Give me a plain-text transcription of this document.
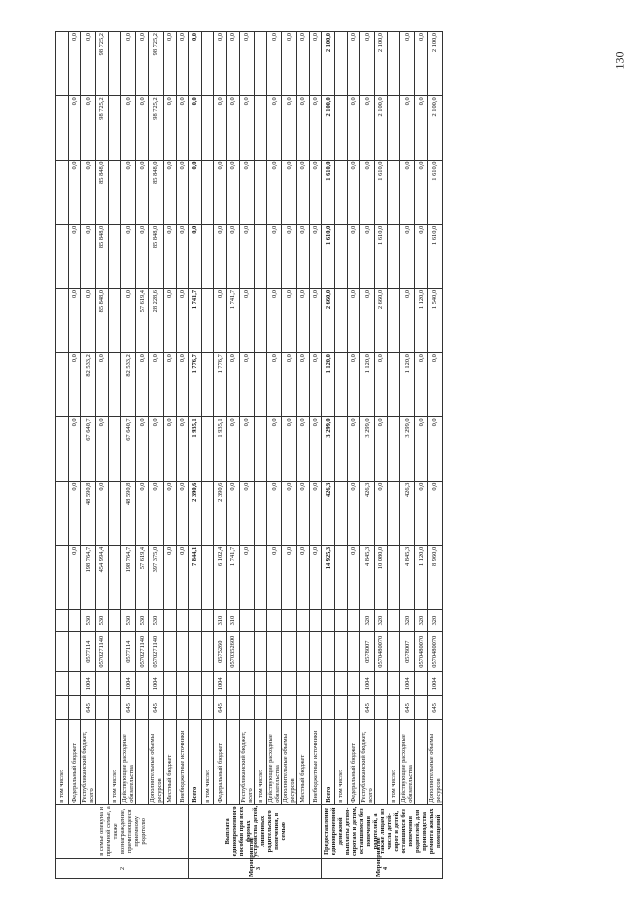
130
2	в семье опекуна и приемной семье, а также вознаграждение, причитающееся приемному родителю	в том числе:													
		Федеральный бюджет					0,0	0,0	0,0	0,0	0,0	0,0	0,0	0,0	0,0
		Республиканский бюджет, всего	645	1004	0577114	530	198 764,7	48 590,8	67 640,7	82 533,2	0,0	0,0	0,0	0,0	0,0
					0570271140	530	454 994,4	0,0	0,0	0,0	85 848,0	85 848,0	85 848,0	98 725,2	98 725,2
		в том числе:													
		Действующие расходные обязательства	645	1004	0577114	530	198 764,7	48 590,8	67 640,7	82 533,2	0,0	0,0	0,0	0,0	0,0
					0570271140	530	57 619,4	0,0	0,0	0,0	57 619,4	0,0	0,0	0,0	0,0
		Дополнительные объемы ресурсов	645	1004	0570271140	530	397 375,0	0,0	0,0	0,0	28 228,6	85 848,0	85 848,0	98 725,2	98 725,2
		Местный бюджет					0,0	0,0	0,0	0,0	0,0	0,0	0,0	0,0	0,0
		Внебюджетные источники					0,0	0,0	0,0	0,0	0,0	0,0	0,0	0,0	0,0
Мероприятие 3	Выплата единовременного пособия при всех формах устройства детей, лишенных родительского попечения, в семью	Всего					7 844,1	2 390,6	1 935,1	1 776,7	1 741,7	0,0	0,0	0,0	0,0
		в том числе:													
		Федеральный бюджет	645	1004	0575260	310	6 102,4	2 390,6	1 935,1	1 776,7	0,0	0,0	0,0	0,0	0,0
					0570352600	310	1 741,7	0,0	0,0	0,0	1 741,7	0,0	0,0	0,0	0,0
		Республиканский бюджет, всего					0,0	0,0	0,0	0,0	0,0	0,0	0,0	0,0	0,0
		в том числе:													
		Действующие расходные обязательства					0,0	0,0	0,0	0,0	0,0	0,0	0,0	0,0	0,0
		Дополнительные объемы ресурсов					0,0	0,0	0,0	0,0	0,0	0,0	0,0	0,0	0,0
		Местный бюджет					0,0	0,0	0,0	0,0	0,0	0,0	0,0	0,0	0,0
		Внебюджетные источники					0,0	0,0	0,0	0,0	0,0	0,0	0,0	0,0	0,0
Мероприятие 4	Предоставление единовременной денежной выплаты детям-сиротам и детям, оставшимся без попечения родителей, а также лицам из числа детей-сирот и детей, оставшихся без попечения родителей, для производства ремонта жилых помещений	Всего					14 925,3	426,3	3 299,0	1 120,0	2 660,0	1 610,0	1 610,0	2 100,0	2 100,0
		в том числе:													
		Федеральный бюджет					0,0	0,0	0,0	0,0	0,0	0,0	0,0	0,0	0,0
		Республиканский бюджет, всего	645	1004	0578007	320	4 845,3	426,3	3 299,0	1 120,0	0,0	0,0	0,0	0,0	0,0
					0570480070	320	10 080,0	0,0	0,0	0,0	2 660,0	1 610,0	1 610,0	2 100,0	2 100,0
		в том числе:													
		Действующие расходные обязательства	645	1004	0578007	320	4 845,3	426,3	3 299,0	1 120,0	0,0	0,0	0,0	0,0	0,0
					0570480070	320	1 120,0	0,0	0,0	0,0	1 120,0	0,0	0,0	0,0	0,0
		Дополнительные объемы ресурсов	645	1004	0570480070	320	8 960,0	0,0	0,0	0,0	1 540,0	1 610,0	1 610,0	2 100,0	2 100,0
